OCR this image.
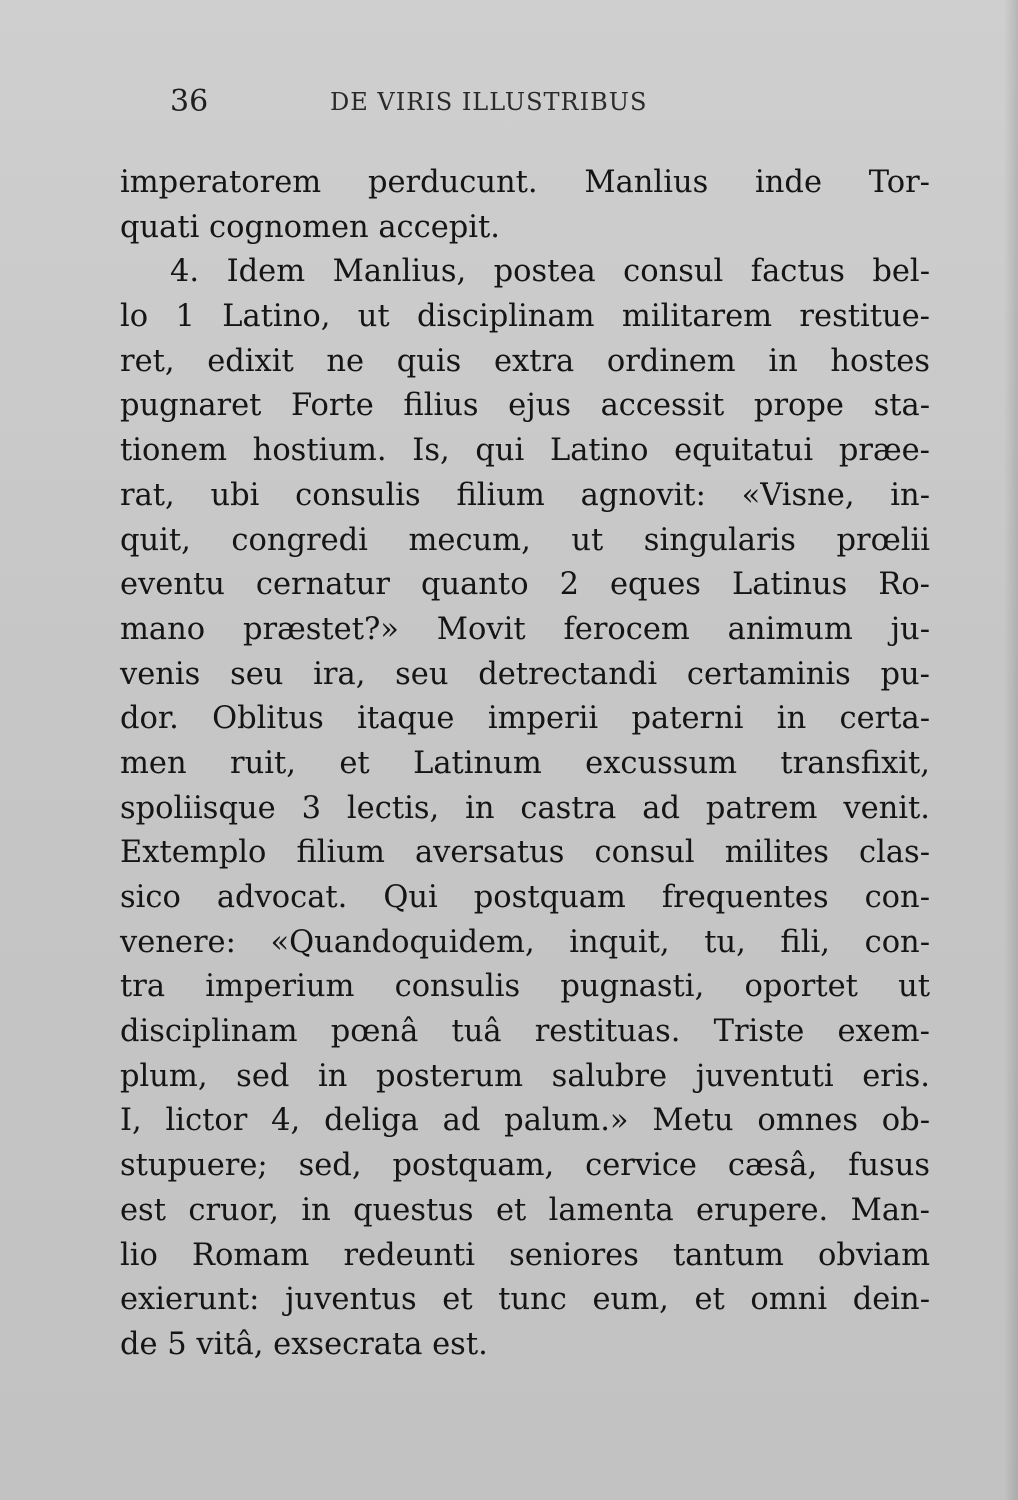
36	DE VIRIS ILLUSTRIBUS
imperatorem perducunt. Manlius inde Tor-
quati cognomen accepit.
4. Idem Manlius, postea consul factus bel-
lo 1 Latino, ut disciplinam militarem restitue-
ret, edixit ne quis extra ordinem in hostes
pugnaret Forte filius ejus accessit prope sta-
tionem hostium. Is, qui Latino equitatui præe-
rat, ubi consulis filium agnovit: «Visne, in-
quit, congredi mecum, ut singularis prœlii
eventu cernatur quanto 2 eques Latinus Ro-
mano præstet?» Movit ferocem animum ju-
venis seu ira, seu detrectandi certaminis pu-
dor. Oblitus itaque imperii paterni in certa-
men ruit, et Latinum excussum transfixit,
spoliisque 3 lectis, in castra ad patrem venit.
Extemplo filium aversatus consul milites clas-
sico advocat. Qui postquam frequentes con-
venere: «Quandoquidem, inquit, tu, fili, con-
tra imperium consulis pugnasti, oportet ut
disciplinam pœnâ tuâ restituas. Triste exem-
plum, sed in posterum salubre juventuti eris.
I, lictor 4, deliga ad palum.» Metu omnes ob-
stupuere; sed, postquam, cervice cæsâ, fusus
est cruor, in questus et lamenta erupere. Man-
lio Romam redeunti seniores tantum obviam
exierunt: juventus et tunc eum, et omni dein-
de 5 vitâ, exsecrata est.
